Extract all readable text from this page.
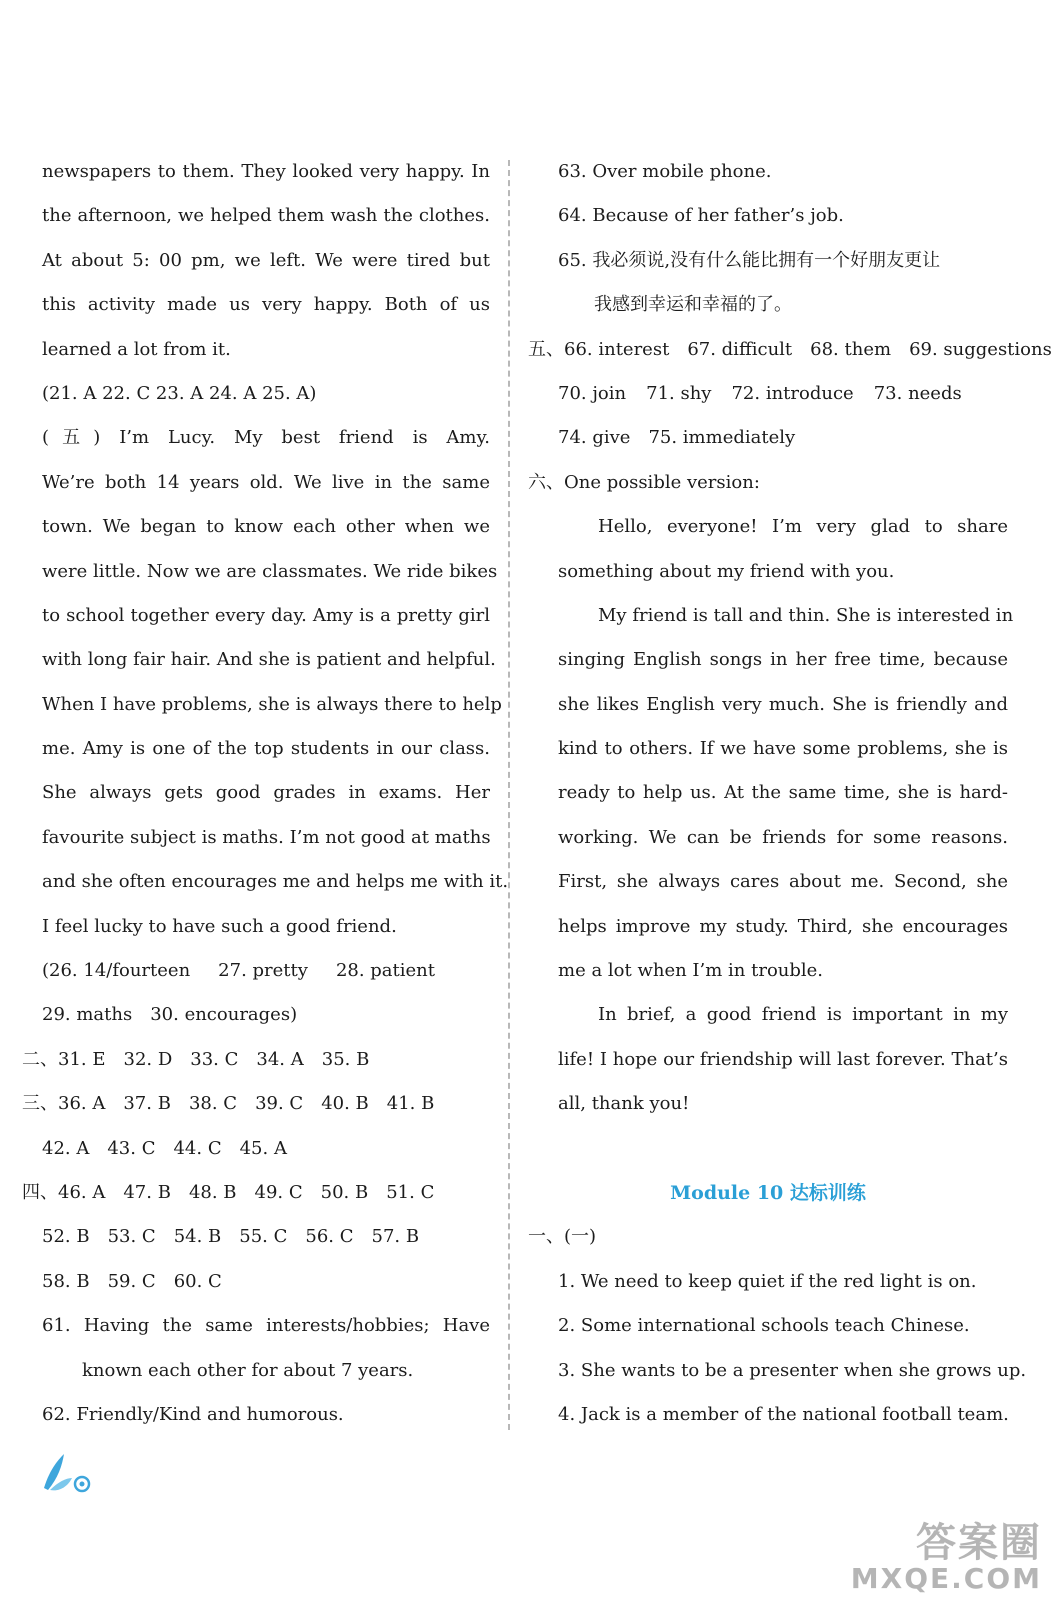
newspapers to them. They looked very happy. In
the afternoon, we helped them wash the clothes.
At about 5: 00 pm, we left. We were tired but
this activity made us very happy. Both of us
learned a lot from it.
(21. A 22. C 23. A 24. A 25. A)
(五) I’m Lucy. My best friend is Amy.
We’re both 14 years old. We live in the same
town. We began to know each other when we
were little. Now we are classmates. We ride bikes
to school together every day. Amy is a pretty girl
with long fair hair. And she is patient and helpful.
When I have problems, she is always there to help
me. Amy is one of the top students in our class.
She always gets good grades in exams. Her
favourite subject is maths. I’m not good at maths
and she often encourages me and helps me with it.
I feel lucky to have such a good friend.
(26. 14/fourteen 27. pretty 28. patient
29. maths 30. encourages)
二、31. E 32. D 33. C 34. A 35. B
三、36. A 37. B 38. C 39. C 40. B 41. B
42. A 43. C 44. C 45. A
四、46. A 47. B 48. B 49. C 50. B 51. C
52. B 53. C 54. B 55. C 56. C 57. B
58. B 59. C 60. C
61. Having the same interests/hobbies; Have
known each other for about 7 years.
62. Friendly/Kind and humorous.
63. Over mobile phone.
64. Because of her father’s job.
65. 我必须说,没有什么能比拥有一个好朋友更让
我感到幸运和幸福的了。
五、66. interest 67. difficult 68. them 69. suggestions
70. join 71. shy 72. introduce 73. needs
74. give 75. immediately
六、One possible version:
Hello, everyone! I’m very glad to share
something about my friend with you.
My friend is tall and thin. She is interested in
singing English songs in her free time, because
she likes English very much. She is friendly and
kind to others. If we have some problems, she is
ready to help us. At the same time, she is hard-
working. We can be friends for some reasons.
First, she always cares about me. Second, she
helps improve my study. Third, she encourages
me a lot when I’m in trouble.
In brief, a good friend is important in my
life! I hope our friendship will last forever. That’s
all, thank you!
Module 10 达标训练
一、(一)
1. We need to keep quiet if the red light is on.
2. Some international schools teach Chinese.
3. She wants to be a presenter when she grows up.
4. Jack is a member of the national football team.
答案圈
MXQE.COM
